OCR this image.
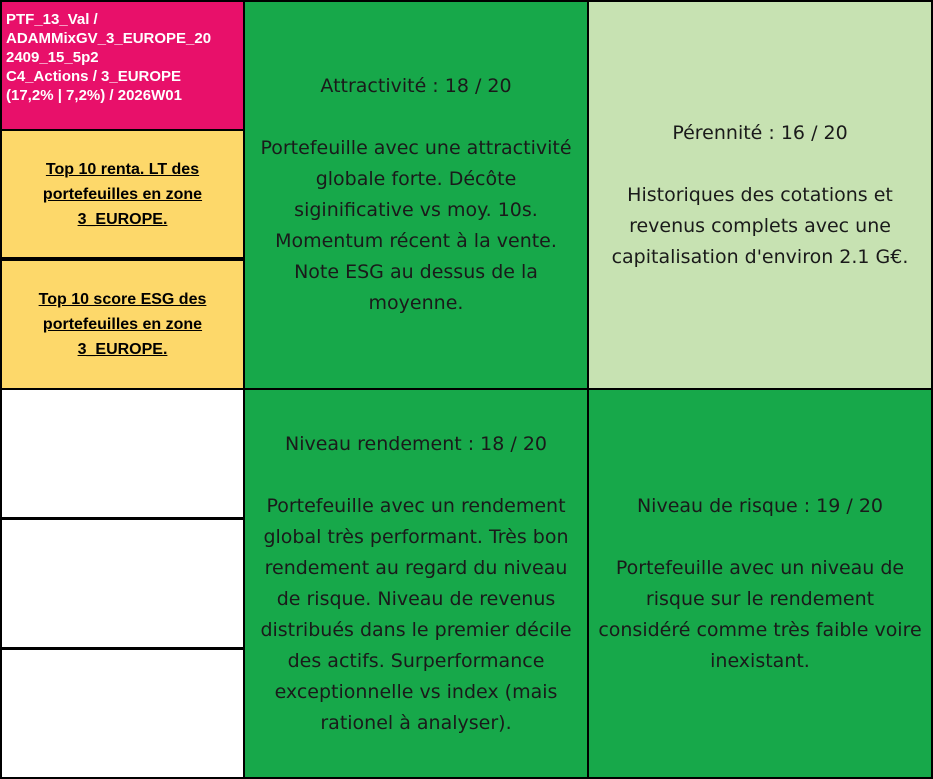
PTF_13_Val /
ADAMMixGV_3_EUROPE_20
2409_15_5p2
C4_Actions / 3_EUROPE
(17,2% | 7,2%) / 2026W01
Top 10 renta. LT des portefeuilles en zone 3_EUROPE.
Top 10 score ESG des portefeuilles en zone 3_EUROPE.
Attractivité : 18 / 20
Portefeuille avec une attractivité globale forte. Décôte siginificative vs moy. 10s. Momentum récent à la vente. Note ESG au dessus de la moyenne.
Pérennité : 16 / 20
Historiques des cotations et revenus complets avec une capitalisation d'environ 2.1 G€.
Niveau rendement : 18 / 20
Portefeuille avec un rendement global très performant. Très bon rendement au regard du niveau de risque. Niveau de revenus distribués dans le premier décile des actifs. Surperformance exceptionnelle vs index (mais rationel à analyser).
Niveau de risque : 19 / 20
Portefeuille avec un niveau de risque sur le rendement considéré comme très faible voire inexistant.
